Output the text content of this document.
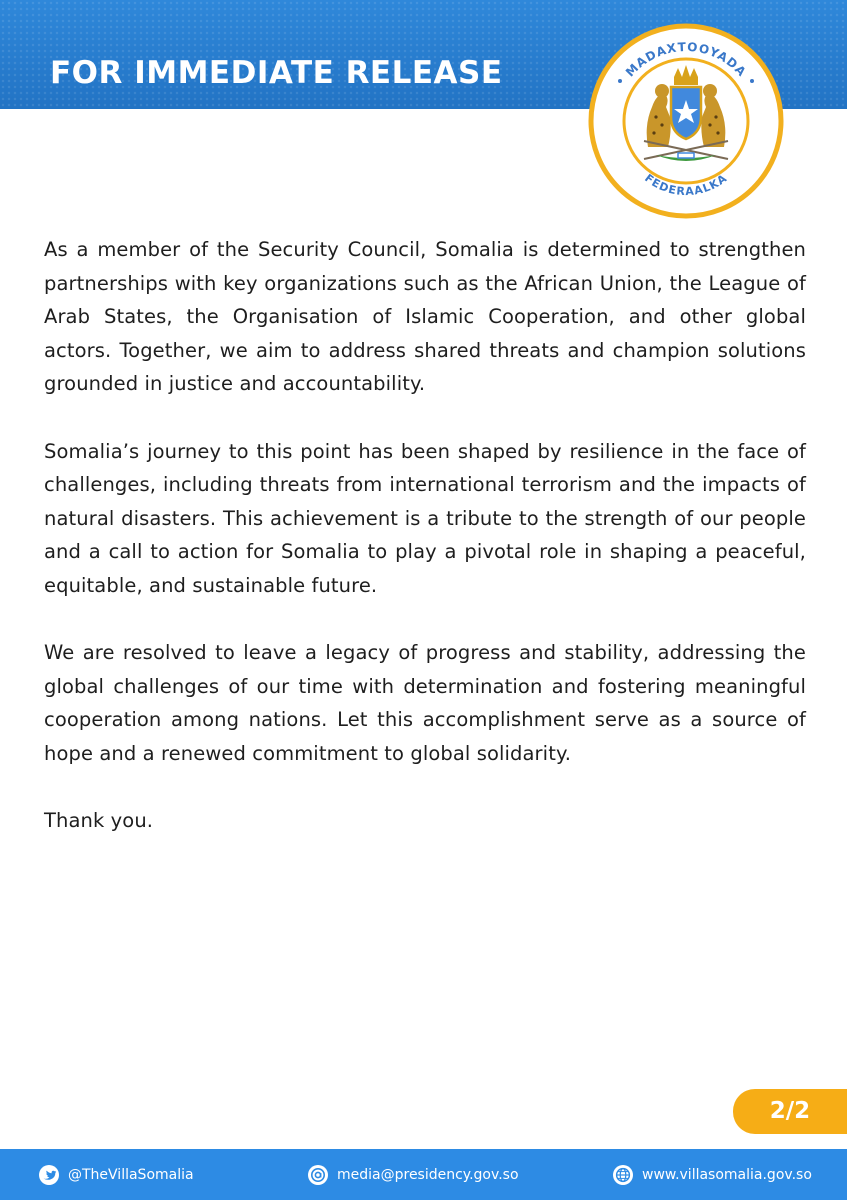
FOR IMMEDIATE RELEASE	MADAXTOOYADA
FEDERAALKA

As a member of the Security Council, Somalia is determined to strengthen partnerships with key organizations such as the African Union, the League of Arab States, the Organisation of Islamic Cooperation, and other global actors. Together, we aim to address shared threats and champion solutions grounded in justice and accountability.

Somalia’s journey to this point has been shaped by resilience in the face of challenges, including threats from international terrorism and the impacts of natural disasters. This achievement is a tribute to the strength of our people and a call to action for Somalia to play a pivotal role in shaping a peaceful, equitable, and sustainable future.

We are resolved to leave a legacy of progress and stability, addressing the global challenges of our time with determination and fostering meaningful cooperation among nations. Let this accomplishment serve as a source of hope and a renewed commitment to global solidarity.

Thank you.

2/2
@TheVillaSomalia	media@presidency.gov.so	www.villasomalia.gov.so
